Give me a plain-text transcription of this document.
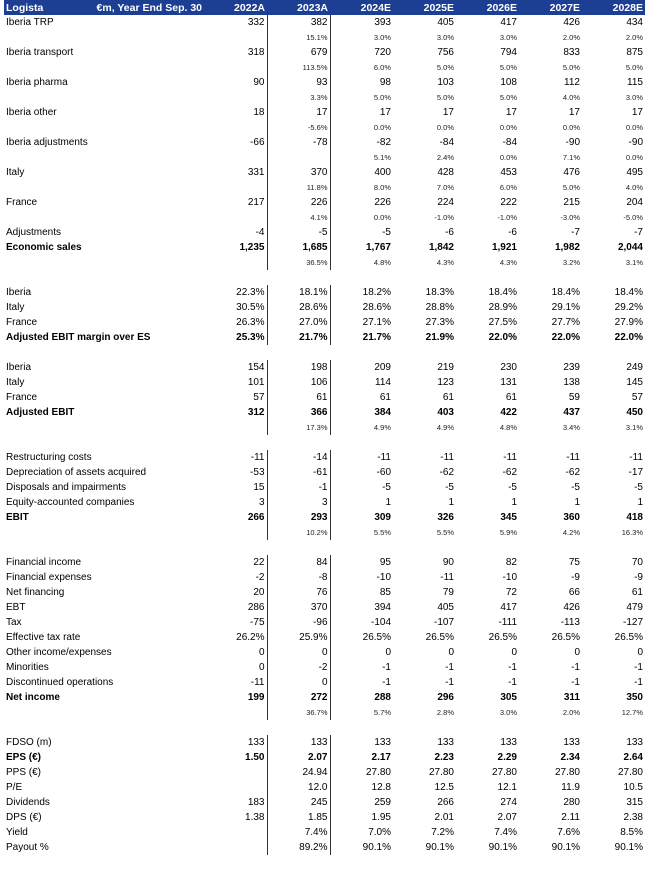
Logista €m, Year End Sep. 30	2022A	2023A	2024E	2025E	2026E	2027E	2028E
Iberia TRP	332	382	393	405	417	426	434
		15.1%	3.0%	3.0%	3.0%	2.0%	2.0%
Iberia transport	318	679	720	756	794	833	875
		113.5%	6.0%	5.0%	5.0%	5.0%	5.0%
Iberia pharma	90	93	98	103	108	112	115
		3.3%	5.0%	5.0%	5.0%	4.0%	3.0%
Iberia other	18	17	17	17	17	17	17
		-5.6%	0.0%	0.0%	0.0%	0.0%	0.0%
Iberia adjustments	-66	-78	-82	-84	-84	-90	-90
			5.1%	2.4%	0.0%	7.1%	0.0%
Italy	331	370	400	428	453	476	495
		11.8%	8.0%	7.0%	6.0%	5.0%	4.0%
France	217	226	226	224	222	215	204
		4.1%	0.0%	-1.0%	-1.0%	-3.0%	-5.0%
Adjustments	-4	-5	-5	-6	-6	-7	-7
Economic sales	1,235	1,685	1,767	1,842	1,921	1,982	2,044
		36.5%	4.8%	4.3%	4.3%	3.2%	3.1%

Iberia	22.3%	18.1%	18.2%	18.3%	18.4%	18.4%	18.4%
Italy	30.5%	28.6%	28.6%	28.8%	28.9%	29.1%	29.2%
France	26.3%	27.0%	27.1%	27.3%	27.5%	27.7%	27.9%
Adjusted EBIT margin over ES	25.3%	21.7%	21.7%	21.9%	22.0%	22.0%	22.0%

Iberia	154	198	209	219	230	239	249
Italy	101	106	114	123	131	138	145
France	57	61	61	61	61	59	57
Adjusted EBIT	312	366	384	403	422	437	450
		17.3%	4.9%	4.9%	4.8%	3.4%	3.1%

Restructuring costs	-11	-14	-11	-11	-11	-11	-11
Depreciation of assets acquired	-53	-61	-60	-62	-62	-62	-17
Disposals and impairments	15	-1	-5	-5	-5	-5	-5
Equity-accounted companies	3	3	1	1	1	1	1
EBIT	266	293	309	326	345	360	418
		10.2%	5.5%	5.5%	5.9%	4.2%	16.3%

Financial income	22	84	95	90	82	75	70
Financial expenses	-2	-8	-10	-11	-10	-9	-9
Net financing	20	76	85	79	72	66	61
EBT	286	370	394	405	417	426	479
Tax	-75	-96	-104	-107	-111	-113	-127
Effective tax rate	26.2%	25.9%	26.5%	26.5%	26.5%	26.5%	26.5%
Other income/expenses	0	0	0	0	0	0	0
Minorities	0	-2	-1	-1	-1	-1	-1
Discontinued operations	-11	0	-1	-1	-1	-1	-1
Net income	199	272	288	296	305	311	350
		36.7%	5.7%	2.8%	3.0%	2.0%	12.7%

FDSO (m)	133	133	133	133	133	133	133
EPS (€)	1.50	2.07	2.17	2.23	2.29	2.34	2.64
PPS (€)		24.94	27.80	27.80	27.80	27.80	27.80
P/E		12.0	12.8	12.5	12.1	11.9	10.5
Dividends	183	245	259	266	274	280	315
DPS (€)	1.38	1.85	1.95	2.01	2.07	2.11	2.38
Yield		7.4%	7.0%	7.2%	7.4%	7.6%	8.5%
Payout %		89.2%	90.1%	90.1%	90.1%	90.1%	90.1%
